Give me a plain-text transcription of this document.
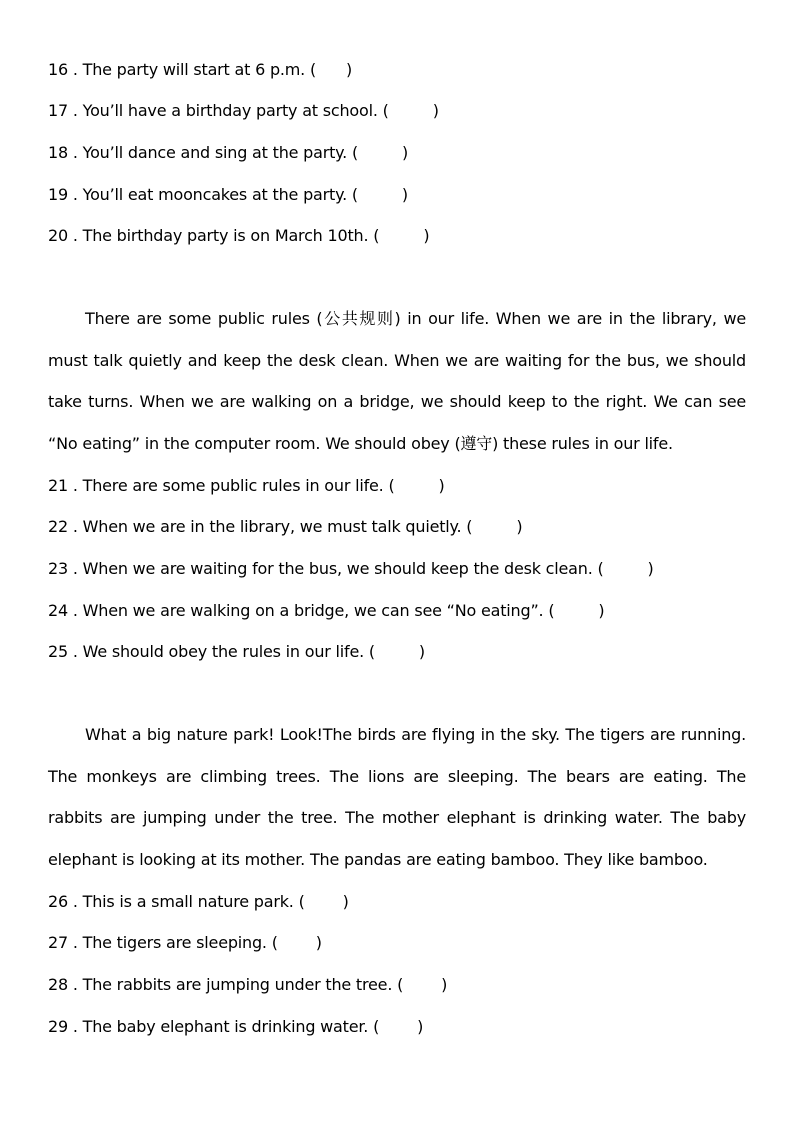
16 . The party will start at 6 p.m. ( )
17 . You’ll have a birthday party at school. (	)
18 . You’ll dance and sing at the party. (	)
19 . You’ll eat mooncakes at the party. (	)
20 . The birthday party is on March 10th. (	)

There are some public rules (公共规则) in our life. When we are in the library, we must talk quietly and keep the desk clean. When we are waiting for the bus, we should take turns. When we are walking on a bridge, we should keep to the right. We can see “No eating” in the computer room. We should obey (遵守) these rules in our life.

21 . There are some public rules in our life. (	)
22 . When we are in the library, we must talk quietly. (	)
23 . When we are waiting for the bus, we should keep the desk clean. (	)
24 . When we are walking on a bridge, we can see “No eating”. (	)
25 . We should obey the rules in our life. (	)

What a big nature park! Look!The birds are flying in the sky. The tigers are running. The monkeys are climbing trees. The lions are sleeping. The bears are eating. The rabbits are jumping under the tree. The mother elephant is drinking water. The baby elephant is looking at its mother. The pandas are eating bamboo. They like bamboo.

26 . This is a small nature park. ( )
27 . The tigers are sleeping. ( )
28 . The rabbits are jumping under the tree. ( )
29 . The baby elephant is drinking water. ( )
